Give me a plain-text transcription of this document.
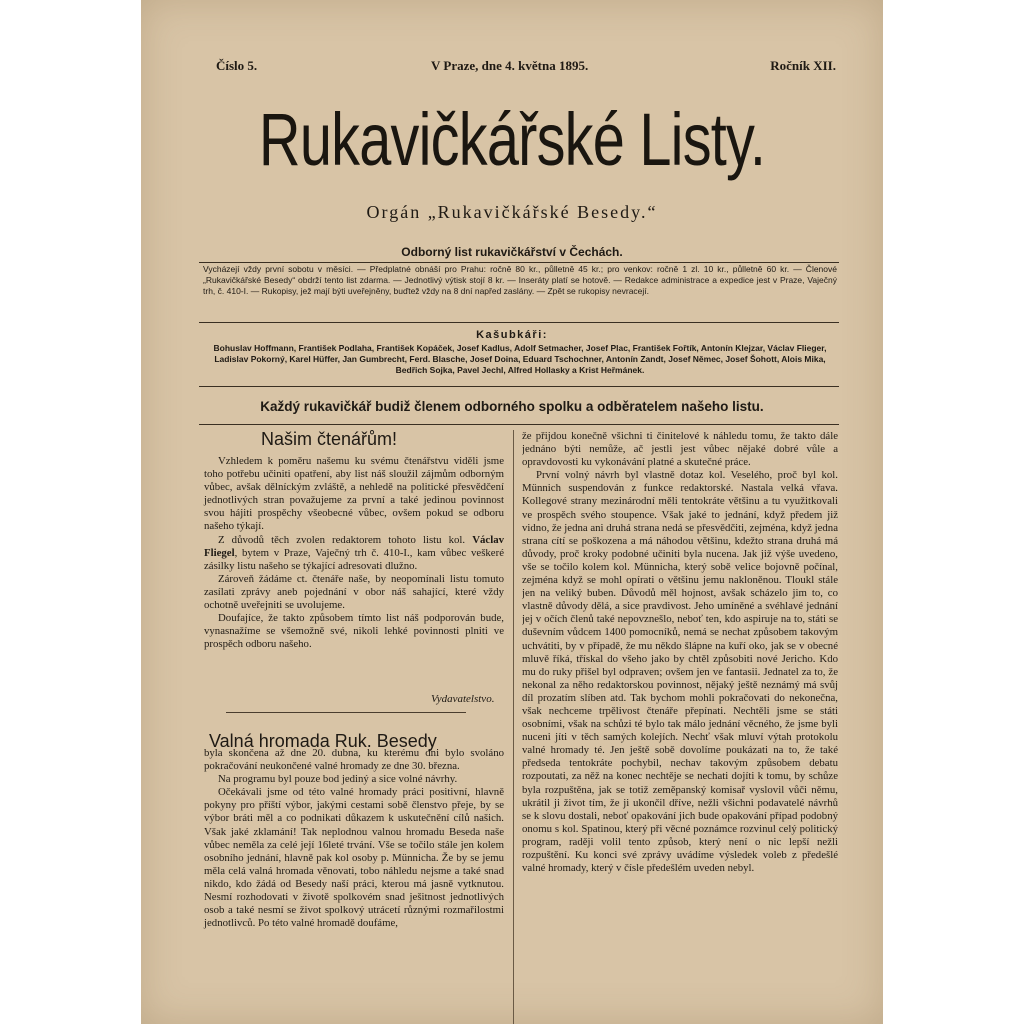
Číslo 5.	V Praze, dne 4. května 1895.	Ročník XII.
Rukavičkářské Listy.
Orgán „Rukavičkářské Besedy.“
Odborný list rukavičkářství v Čechách.
Vycházejí vždy první sobotu v měsíci. — Předplatné obnáší pro Prahu: ročně 80 kr., půlletně 45 kr.; pro venkov: ročně 1 zl. 10 kr., půlletně 60 kr. — Členové „Rukavičkářské Besedy“ obdrží tento list zdarma. — Jednotlivý výtisk stojí 8 kr. — Inseráty platí se hotově. — Redakce administrace a expedice jest v Praze, Vaječný trh, č. 410-I. — Rukopisy, jež mají býti uveřejněny, buďtež vždy na 8 dní napřed zaslány. — Zpět se rukopisy nevracejí.
Kašubkáři:
Bohuslav Hoffmann, František Podlaha, František Kopáček, Josef Kadlus, Adolf Setmacher, Josef Plac, František Fořtík, Antonín Klejzar, Václav Flieger, Ladislav Pokorný, Karel Hüffer, Jan Gumbrecht, Ferd. Blasche, Josef Doina, Eduard Tschochner, Antonín Zandt, Josef Němec, Josef Šohott, Alois Mika, Bedřich Sojka, Pavel Jechl, Alfred Hollasky a Krist Heřmánek.
Každý rukavičkář budiž členem odborného spolku a odběratelem našeho listu.
Našim čtenářům!

Vzhledem k poměru našemu ku svému čtenářstvu viděli jsme toho potřebu učiniti opatření, aby list náš sloužil zájmům odborným vůbec, avšak dělníckým zvláště, a nehledě na politické přesvědčení jednotlivých stran považujeme za první a také jedinou povinnost svou hájiti prospěchy všeobecné vůbec, ovšem pokud se odboru našeho týkají.

Z důvodů těch zvolen redaktorem tohoto listu kol. Václav Fliegel, bytem v Praze, Vaječný trh č. 410-I., kam vůbec veškeré zásilky listu našeho se týkající adresovati dlužno.

Zároveň žádáme ct. čtenáře naše, by neopomínali listu tomuto zasílati zprávy aneb pojednání v obor náš sahající, které vždy ochotně uveřejniti se uvolujeme.

Doufajíce, že takto způsobem tímto list náš podporován bude, vynasnažíme se všemožně své, nikoli lehké povinnosti plniti ve prospěch odboru našeho.

Vydavatelstvo.
Valná hromada Ruk. Besedy

byla skončena až dne 20. dubna, ku kterému dni bylo svoláno pokračování neukončené valné hromady ze dne 30. března.

Na programu byl pouze bod jediný a sice volné návrhy.

Očekávali jsme od této valné hromady práci positivní, hlavně pokyny pro příští výbor, jakými cestami sobě členstvo přeje, by se výbor bráti měl a co podnikati důkazem k uskutečnění cílů našich. Však jaké zklamání! Tak neplodnou valnou hromadu Beseda naše vůbec neměla za celé její 16leté trvání. Vše se točilo stále jen kolem osobního jednání, hlavně pak kol osoby p. Münnicha. Že by se jemu měla celá valná hromada věnovati, tobo náhledu nejsme a také snad nikdo, kdo žádá od Besedy naší práci, kterou má jasně vytknutou. Nesmí rozhodovati v životě spolkovém snad ješitnost jednotlivých osob a také nesmí se život spolkový utrácetí různými rozmařilostmi jednotlivců. Po této valné hromadě doufáme,

že přijdou konečně všichni ti činitelové k náhledu tomu, že takto dále jednáno býti nemůže, ač jestli jest vůbec nějaké dobré vůle a opravdovosti ku vykonávání platné a skutečné práce.

První volný návrh byl vlastně dotaz kol. Veselého, proč byl kol. Münnich suspendován z funkce redaktorské. Nastala velká vřava. Kollegové strany mezinárodní měli tentokráte většinu a tu využitkovali ve prospěch svého stoupence. Však jaké to jednání, když předem již vidno, že jedna ani druhá strana nedá se přesvědčiti, zejména, když jedna strana cítí se poškozena a má náhodou většinu, kdežto strana druhá má důvody, proč kroky podobné učiniti byla nucena. Jak již výše uvedeno, vše se točilo kolem kol. Münnicha, který sobě velice bojovně počínal, zejména když se mohl opírati o většinu jemu nakloněnou. Tloukl stále jen na veliký buben. Důvodů měl hojnost, avšak scházelo jim to, co vlastně důvody dělá, a sice pravdivost. Jeho umíněné a svéhlavé jednání jej v očích členů také nepovznešlo, neboť ten, kdo aspiruje na to, státi se duševním vůdcem 1400 pomocníků, nemá se nechat způsobem takovým uchvátiti, by v případě, že mu někdo šlápne na kuří oko, jak se v obecné mluvě říká, třískal do všeho jako by chtěl způsobiti nové Jericho. Kdo mu do ruky přišel byl odpraven; ovšem jen ve fantasii. Jednatel za to, že nekonal za něho redaktorskou povinnost, nějaký ještě neznámý má svůj díl prozatím slíben atd. Tak bychom mohli pokračovati do nekonečna, však nechceme trpělivost čtenáře přepínati. Nechtěli jsme se státi osobními, však na schůzi té bylo tak málo jednání věcného, že jsme byli nuceni jíti v těch samých kolejích. Nechť však mluví výtah protokolu valné hromady té. Jen ještě sobě dovolíme poukázati na to, že také předseda tentokráte pochybil, nechav takovým způsobem debatu rozpoutati, za něž na konec nechtěje se nechati dojíti k tomu, by schůze byla rozpuštěna, jak se totiž zeměpanský komisař vyslovil vůči němu, ukrátil ji život tím, že ji ukončil dříve, nežli všichni podavatelé návrhů se k slovu dostali, neboť opakování jich bude opakování případ podobný onomu s kol. Spatinou, který při věcné poznámce rozvinul celý politický program, raději volil tento způsob, který není o nic lepší nežli rozpuštění. Ku konci své zprávy uvádíme výsledek voleb z předešlé valné hromady, který v čísle předešlém uveden nebyl.
